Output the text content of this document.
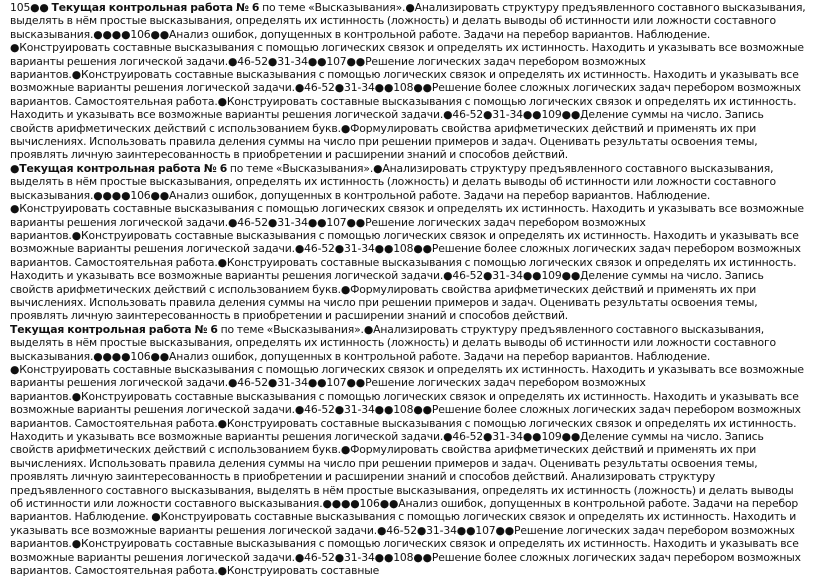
105●● Текущая контрольная работа № 6 по теме «Высказывания».●Анализировать структуру предъявленного составного высказывания, выделять в нём простые высказывания, определять их истинность (ложность) и делать выводы об истинности или ложности составного высказывания.●●●●106●●Анализ ошибок, допущенных в контрольной работе. Задачи на перебор вариантов. Наблюдение. ●Конструировать составные высказывания с помощью логических связок и определять их истинность. Находить и указывать все возможные варианты решения логической задачи.●46-52●31-34●●107●●Решение логических задач перебором возможных вариантов.●Конструировать составные высказывания с помощью логических связок и определять их истинность. Находить и указывать все возможные варианты решения логической задачи.●46-52●31-34●●108●●Решение более сложных логических задач перебором возможных вариантов. Самостоятельная работа.●Конструировать составные высказывания с помощью логических связок и определять их истинность. Находить и указывать все возможные варианты решения логической задачи.●46-52●31-34●●109●●Деление суммы на число. Запись свойств арифметических действий с использованием букв.●Формулировать свойства арифметических действий и применять их при вычислениях. Использовать правила деления суммы на число при решении примеров и задач. Оценивать результаты освоения темы, проявлять личную заинтересованность в приобретении и расширении знаний и способов действий.

●Текущая контрольная работа № 6 по теме «Высказывания».●Анализировать структуру предъявленного составного высказывания, выделять в нём простые высказывания, определять их истинность (ложность) и делать выводы об истинности или ложности составного высказывания.●●●●106●●Анализ ошибок, допущенных в контрольной работе. Задачи на перебор вариантов. Наблюдение. ●Конструировать составные высказывания с помощью логических связок и определять их истинность. Находить и указывать все возможные варианты решения логической задачи.●46-52●31-34●●107●●Решение логических задач перебором возможных вариантов.●Конструировать составные высказывания с помощью логических связок и определять их истинность. Находить и указывать все возможные варианты решения логической задачи.●46-52●31-34●●108●●Решение более сложных логических задач перебором возможных вариантов. Самостоятельная работа.●Конструировать составные высказывания с помощью логических связок и определять их истинность. Находить и указывать все возможные варианты решения логической задачи.●46-52●31-34●●109●●Деление суммы на число. Запись свойств арифметических действий с использованием букв.●Формулировать свойства арифметических действий и применять их при вычислениях. Использовать правила деления суммы на число при решении примеров и задач. Оценивать результаты освоения темы, проявлять личную заинтересованность в приобретении и расширении знаний и способов действий.

Текущая контрольная работа № 6 по теме «Высказывания».●Анализировать структуру предъявленного составного высказывания, выделять в нём простые высказывания, определять их истинность (ложность) и делать выводы об истинности или ложности составного высказывания.●●●●106●●Анализ ошибок, допущенных в контрольной работе. Задачи на перебор вариантов. Наблюдение. ●Конструировать составные высказывания с помощью логических связок и определять их истинность. Находить и указывать все возможные варианты решения логической задачи.●46-52●31-34●●107●●Решение логических задач перебором возможных вариантов.●Конструировать составные высказывания с помощью логических связок и определять их истинность. Находить и указывать все возможные варианты решения логической задачи.●46-52●31-34●●108●●Решение более сложных логических задач перебором возможных вариантов. Самостоятельная работа.●Конструировать составные высказывания с помощью логических связок и определять их истинность. Находить и указывать все возможные варианты решения логической задачи.●46-52●31-34●●109●●Деление суммы на число. Запись свойств арифметических действий с использованием букв.●Формулировать свойства арифметических действий и применять их при вычислениях. Использовать правила деления суммы на число при решении примеров и задач. Оценивать результаты освоения темы, проявлять личную заинтересованность в приобретении и расширении знаний и способов действий. Анализировать структуру предъявленного составного высказывания, выделять в нём простые высказывания, определять их истинность (ложность) и делать выводы об истинности или ложности составного высказывания.●●●●106●●Анализ ошибок, допущенных в контрольной работе. Задачи на перебор вариантов. Наблюдение. ●Конструировать составные высказывания с помощью логических связок и определять их истинность. Находить и указывать все возможные варианты решения логической задачи.●46-52●31-34●●107●●Решение логических задач перебором возможных вариантов.●Конструировать составные высказывания с помощью логических связок и определять их истинность. Находить и указывать все возможные варианты решения логической задачи.●46-52●31-34●●108●●Решение более сложных логических задач перебором возможных вариантов. Самостоятельная работа.●Конструировать составные
